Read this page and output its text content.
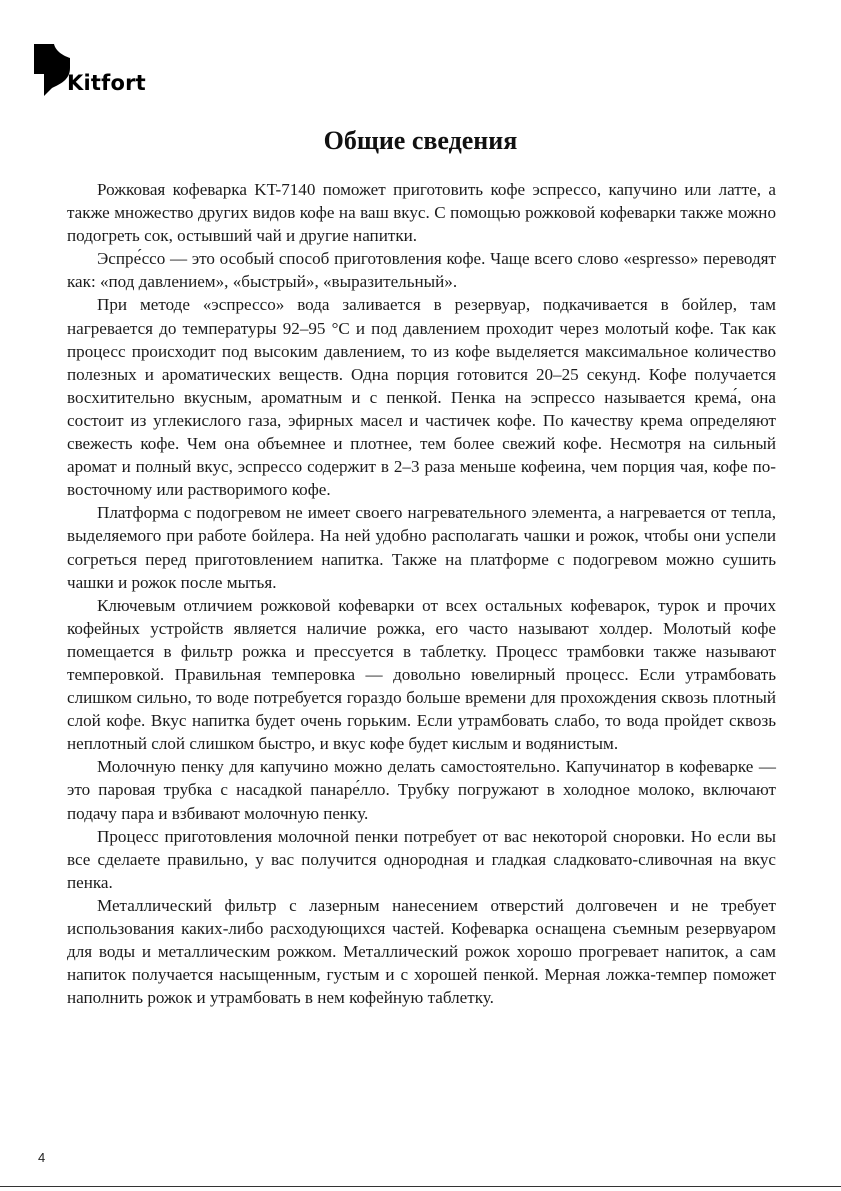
Kitfort
Общие сведения

Рожковая кофеварка KT-7140 поможет приготовить кофе эспрессо, капучино или латте, а также множество других видов кофе на ваш вкус. С помощью рожковой кофеварки также можно подогреть сок, остывший чай и другие напитки.

Эспре́ссо — это особый способ приготовления кофе. Чаще всего слово «espresso» переводят как: «под давлением», «быстрый», «выразительный».

При методе «эспрессо» вода заливается в резервуар, подкачивается в бойлер, там нагревается до температуры 92–95 °С и под давлением проходит через молотый кофе. Так как процесс происходит под высоким давлением, то из кофе выделяется максимальное количество полезных и ароматических веществ. Одна порция готовится 20–25 секунд. Кофе получается восхитительно вкусным, ароматным и с пенкой. Пенка на эспрессо называется крема́, она состоит из углекислого газа, эфирных масел и частичек кофе. По качеству крема определяют свежесть кофе. Чем она объемнее и плотнее, тем более свежий кофе. Несмотря на сильный аромат и полный вкус, эспрессо содержит в 2–3 раза меньше кофеина, чем порция чая, кофе по-восточному или растворимого кофе.

Платформа с подогревом не имеет своего нагревательного элемента, а нагревается от тепла, выделяемого при работе бойлера. На ней удобно располагать чашки и рожок, чтобы они успели согреться перед приготовлением напитка. Также на платформе с подогревом можно сушить чашки и рожок после мытья.

Ключевым отличием рожковой кофеварки от всех остальных кофеварок, турок и прочих кофейных устройств является наличие рожка, его часто называют холдер. Молотый кофе помещается в фильтр рожка и прессуется в таблетку. Процесс трамбовки также называют темперовкой. Правильная темперовка — довольно ювелирный процесс. Если утрамбовать слишком сильно, то воде потребуется гораздо больше времени для прохождения сквозь плотный слой кофе. Вкус напитка будет очень горьким. Если утрамбовать слабо, то вода пройдет сквозь неплотный слой слишком быстро, и вкус кофе будет кислым и водянистым.

Молочную пенку для капучино можно делать самостоятельно. Капучинатор в кофеварке — это паровая трубка с насадкой панаре́лло. Трубку погружают в холодное молоко, включают подачу пара и взбивают молочную пенку.

Процесс приготовления молочной пенки потребует от вас некоторой сноровки. Но если вы все сделаете правильно, у вас получится однородная и гладкая сладковато-сливочная на вкус пенка.

Металлический фильтр с лазерным нанесением отверстий долговечен и не требует использования каких-либо расходующихся частей. Кофеварка оснащена съемным резервуаром для воды и металлическим рожком. Металлический рожок хорошо прогревает напиток, а сам напиток получается насыщенным, густым и с хорошей пенкой. Мерная ложка-темпер поможет наполнить рожок и утрамбовать в нем кофейную таблетку.

4
